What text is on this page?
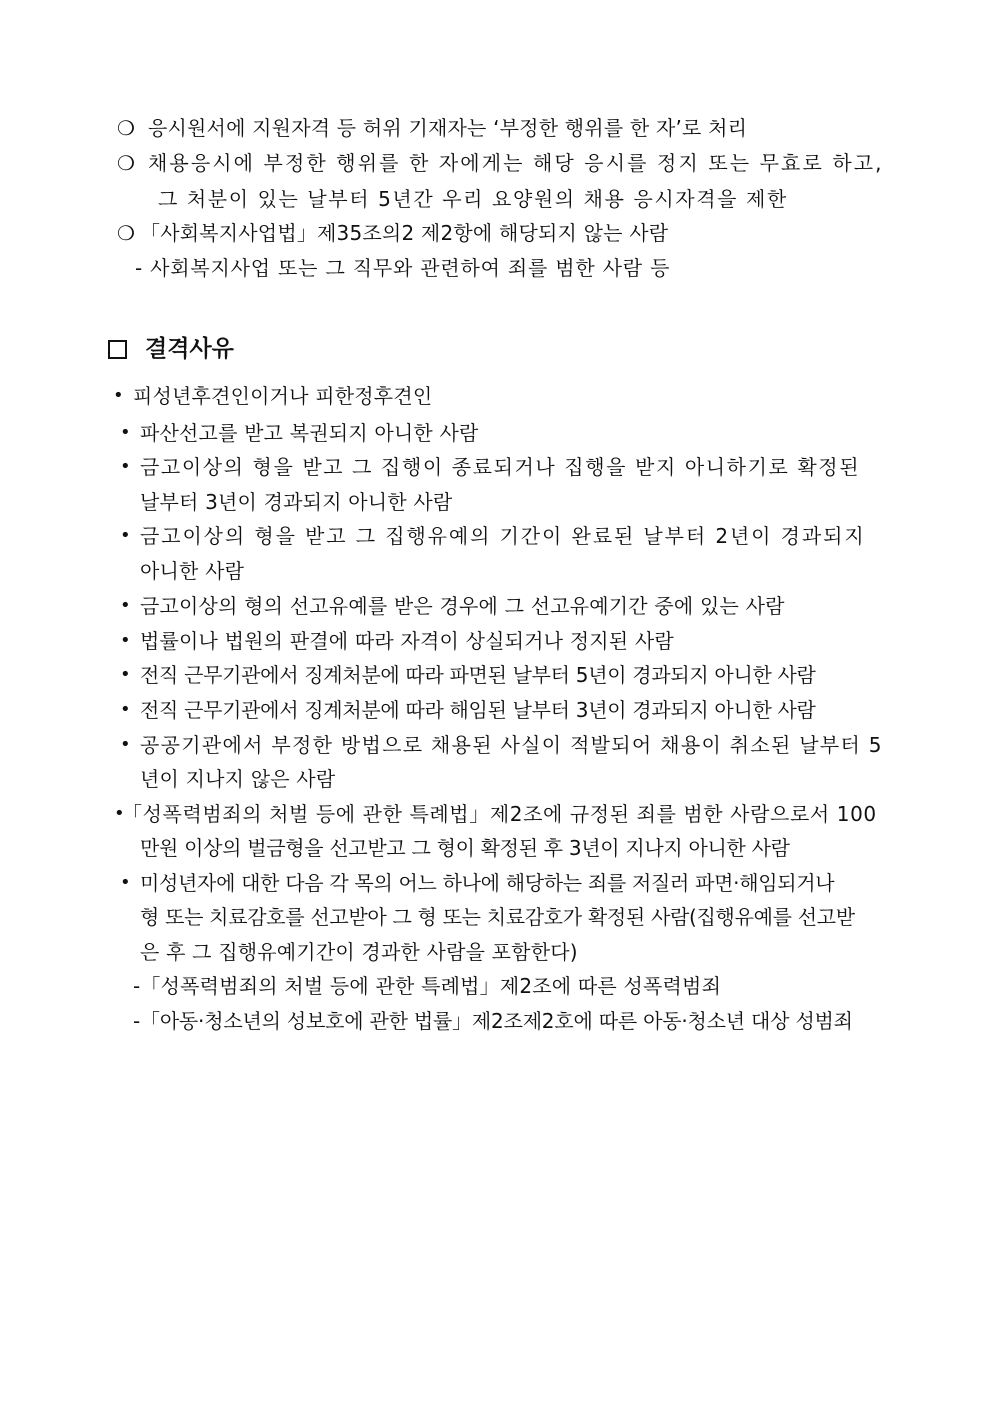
❍ 응시원서에 지원자격 등 허위 기재자는 ‘부정한 행위를 한 자’로 처리
❍ 채용응시에 부정한 행위를 한 자에게는 해당 응시를 정지 또는 무효로 하고,
그 처분이 있는 날부터 5년간 우리 요양원의 채용 응시자격을 제한
❍ 「사회복지사업법」제35조의2 제2항에 해당되지 않는 사람
- 사회복지사업 또는 그 직무와 관련하여 죄를 범한 사람 등
결격사유
• 피성년후견인이거나 피한정후견인
• 파산선고를 받고 복권되지 아니한 사람
• 금고이상의 형을 받고 그 집행이 종료되거나 집행을 받지 아니하기로 확정된
날부터 3년이 경과되지 아니한 사람
• 금고이상의 형을 받고 그 집행유예의 기간이 완료된 날부터 2년이 경과되지
아니한 사람
• 금고이상의 형의 선고유예를 받은 경우에 그 선고유예기간 중에 있는 사람
• 법률이나 법원의 판결에 따라 자격이 상실되거나 정지된 사람
• 전직 근무기관에서 징계처분에 따라 파면된 날부터 5년이 경과되지 아니한 사람
• 전직 근무기관에서 징계처분에 따라 해임된 날부터 3년이 경과되지 아니한 사람
• 공공기관에서 부정한 방법으로 채용된 사실이 적발되어 채용이 취소된 날부터 5
년이 지나지 않은 사람
•
「성폭력범죄의 처벌 등에 관한 특례법」제2조에 규정된 죄를 범한 사람으로서 100
만원 이상의 벌금형을 선고받고 그 형이 확정된 후 3년이 지나지 아니한 사람
• 미성년자에 대한 다음 각 목의 어느 하나에 해당하는 죄를 저질러 파면·해임되거나
형 또는 치료감호를 선고받아 그 형 또는 치료감호가 확정된 사람(집행유예를 선고받
은 후 그 집행유예기간이 경과한 사람을 포함한다)
-「성폭력범죄의 처벌 등에 관한 특례법」제2조에 따른 성폭력범죄
-「아동·청소년의 성보호에 관한 법률」제2조제2호에 따른 아동·청소년 대상 성범죄
